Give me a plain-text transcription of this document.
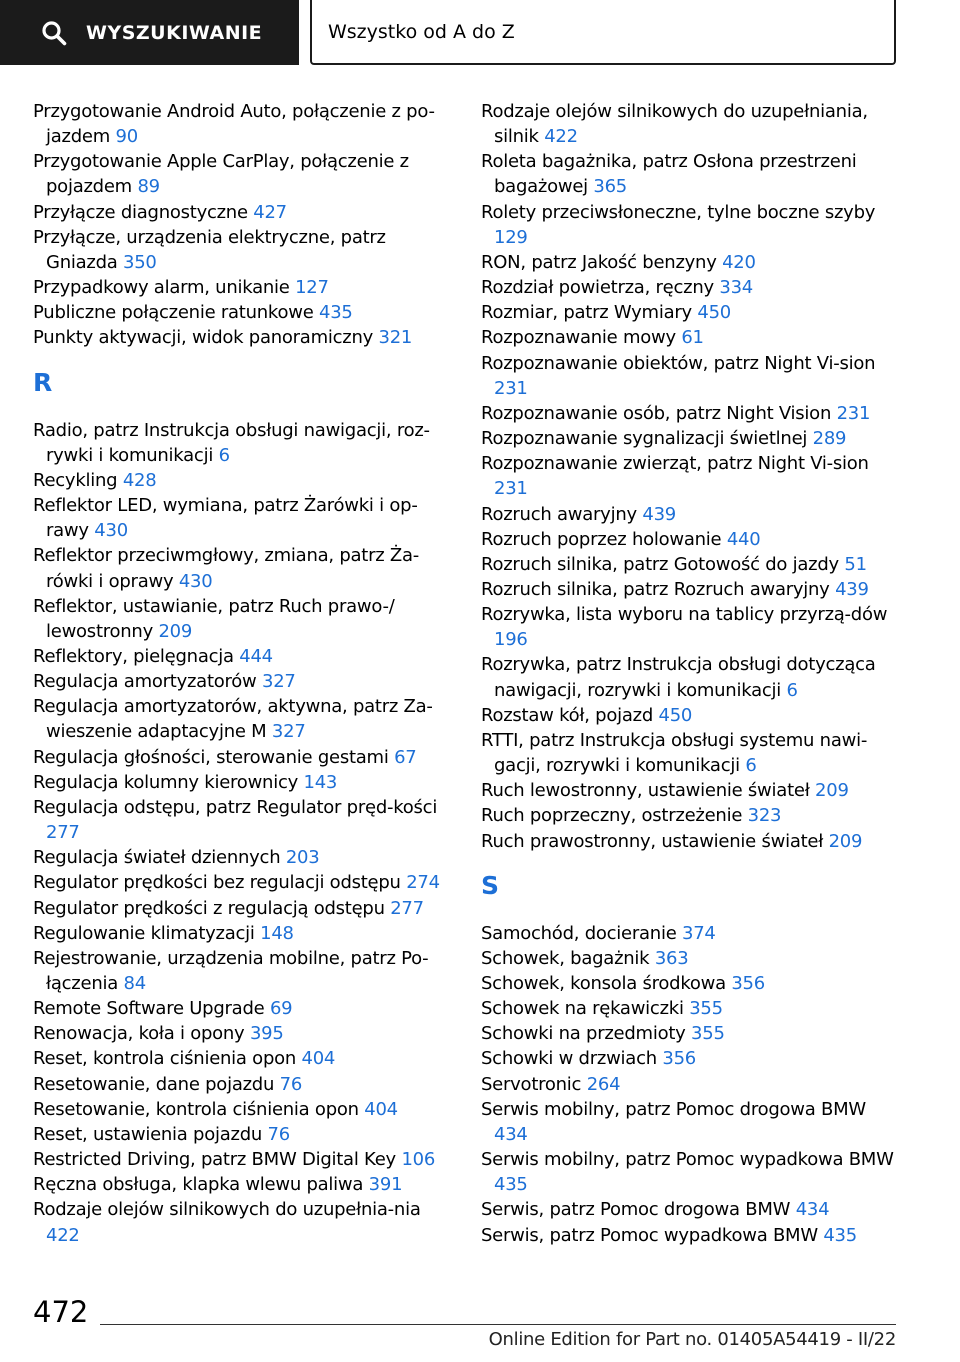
WYSZUKIWANIE	Wszystko od A do Z
Przygotowanie Android Auto, połączenie z po-jazdem 90
Przygotowanie Apple CarPlay, połączenie z pojazdem 89
Przyłącze diagnostyczne 427
Przyłącze, urządzenia elektryczne, patrz Gniazda 350
Przypadkowy alarm, unikanie 127
Publiczne połączenie ratunkowe 435
Punkty aktywacji, widok panoramiczny 321
R
Radio, patrz Instrukcja obsługi nawigacji, roz-rywki i komunikacji 6
Recykling 428
Reflektor LED, wymiana, patrz Żarówki i op-rawy 430
Reflektor przeciwmgłowy, zmiana, patrz Ża-rówki i oprawy 430
Reflektor, ustawianie, patrz Ruch prawo-/ lewostronny 209
Reflektory, pielęgnacja 444
Regulacja amortyzatorów 327
Regulacja amortyzatorów, aktywna, patrz Za-wieszenie adaptacyjne M 327
Regulacja głośności, sterowanie gestami 67
Regulacja kolumny kierownicy 143
Regulacja odstępu, patrz Regulator pręd-kości 277
Regulacja świateł dziennych 203
Regulator prędkości bez regulacji odstępu 274
Regulator prędkości z regulacją odstępu 277
Regulowanie klimatyzacji 148
Rejestrowanie, urządzenia mobilne, patrz Po-łączenia 84
Remote Software Upgrade 69
Renowacja, koła i opony 395
Reset, kontrola ciśnienia opon 404
Resetowanie, dane pojazdu 76
Resetowanie, kontrola ciśnienia opon 404
Reset, ustawienia pojazdu 76
Restricted Driving, patrz BMW Digital Key 106
Ręczna obsługa, klapka wlewu paliwa 391
Rodzaje olejów silnikowych do uzupełnia-nia 422
Rodzaje olejów silnikowych do uzupełniania, silnik 422
Roleta bagażnika, patrz Osłona przestrzeni bagażowej 365
Rolety przeciwsłoneczne, tylne boczne szyby 129
RON, patrz Jakość benzyny 420
Rozdział powietrza, ręczny 334
Rozmiar, patrz Wymiary 450
Rozpoznawanie mowy 61
Rozpoznawanie obiektów, patrz Night Vi-sion 231
Rozpoznawanie osób, patrz Night Vision 231
Rozpoznawanie sygnalizacji świetlnej 289
Rozpoznawanie zwierząt, patrz Night Vi-sion 231
Rozruch awaryjny 439
Rozruch poprzez holowanie 440
Rozruch silnika, patrz Gotowość do jazdy 51
Rozruch silnika, patrz Rozruch awaryjny 439
Rozrywka, lista wyboru na tablicy przyrzą-dów 196
Rozrywka, patrz Instrukcja obsługi dotycząca nawigacji, rozrywki i komunikacji 6
Rozstaw kół, pojazd 450
RTTI, patrz Instrukcja obsługi systemu nawi-gacji, rozrywki i komunikacji 6
Ruch lewostronny, ustawienie świateł 209
Ruch poprzeczny, ostrzeżenie 323
Ruch prawostronny, ustawienie świateł 209
S
Samochód, docieranie 374
Schowek, bagażnik 363
Schowek, konsola środkowa 356
Schowek na rękawiczki 355
Schowki na przedmioty 355
Schowki w drzwiach 356
Servotronic 264
Serwis mobilny, patrz Pomoc drogowa BMW 434
Serwis mobilny, patrz Pomoc wypadkowa BMW 435
Serwis, patrz Pomoc drogowa BMW 434
Serwis, patrz Pomoc wypadkowa BMW 435
472
Online Edition for Part no. 01405A54419 - II/22
